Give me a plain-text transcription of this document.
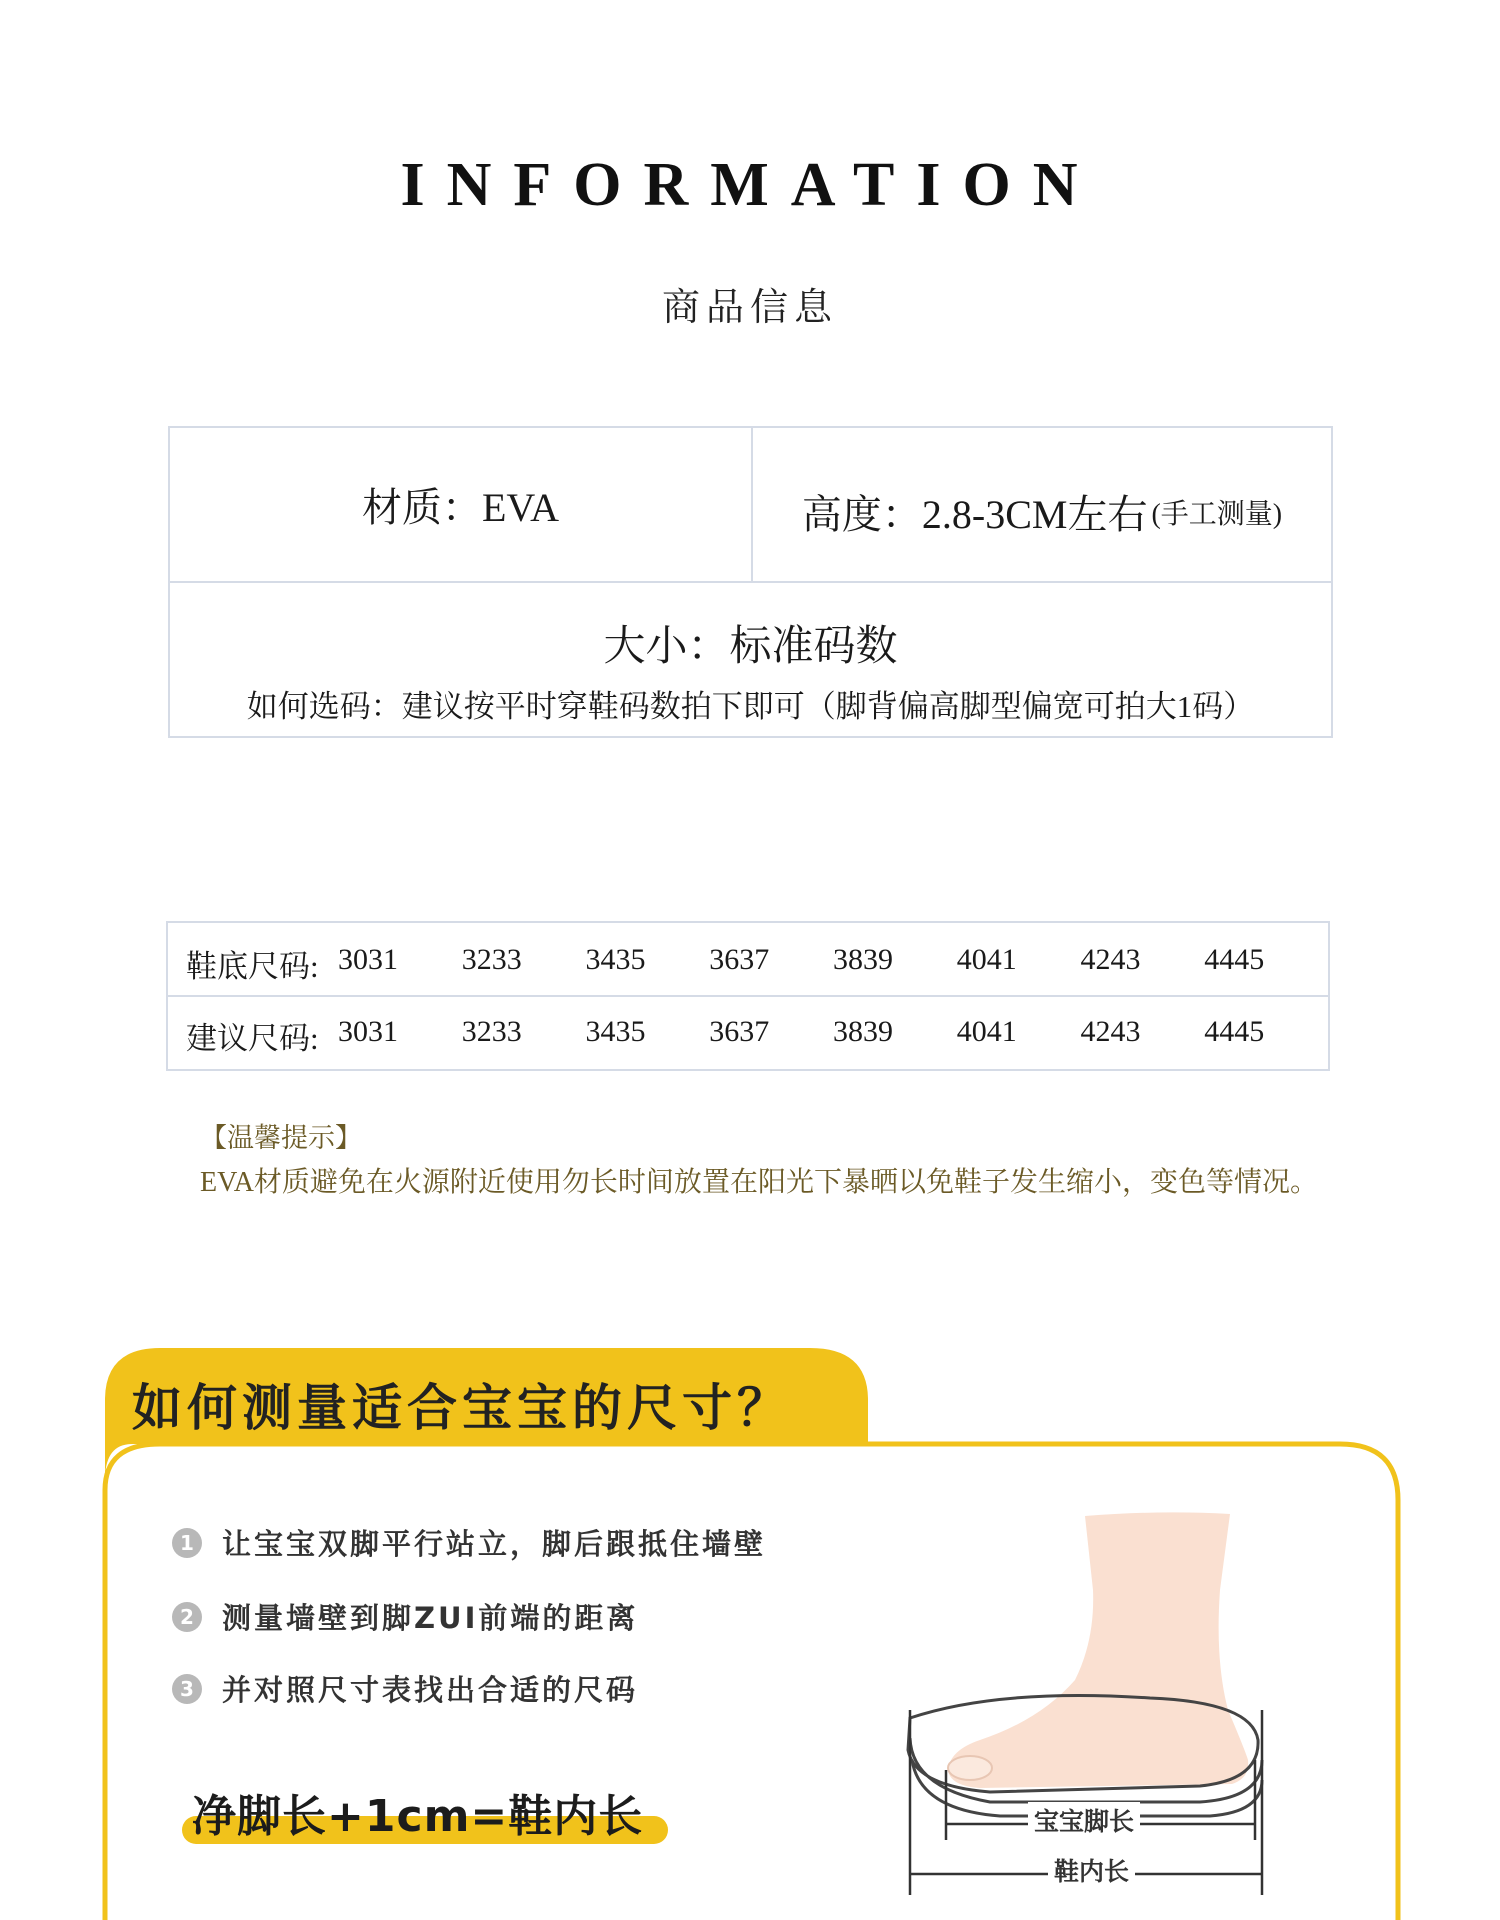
INFORMATION
商品信息
材质：EVA	高度：2.8-3CM左右 (手工测量)
大小：标准码数
如何选码：建议按平时穿鞋码数拍下即可（脚背偏高脚型偏宽可拍大1码）
鞋底尺码: 3031	3233	3435	3637	3839	4041	4243	4445
建议尺码: 3031	3233	3435	3637	3839	4041	4243	4445
【温馨提示】
EVA材质避免在火源附近使用勿长时间放置在阳光下暴晒以免鞋子发生缩小，变色等情况。
如何测量适合宝宝的尺寸？
1 让宝宝双脚平行站立，脚后跟抵住墙壁
2 测量墙壁到脚ZUI前端的距离
3 并对照尺寸表找出合适的尺码
净脚长+1cm=鞋内长	宝宝脚长
鞋内长
